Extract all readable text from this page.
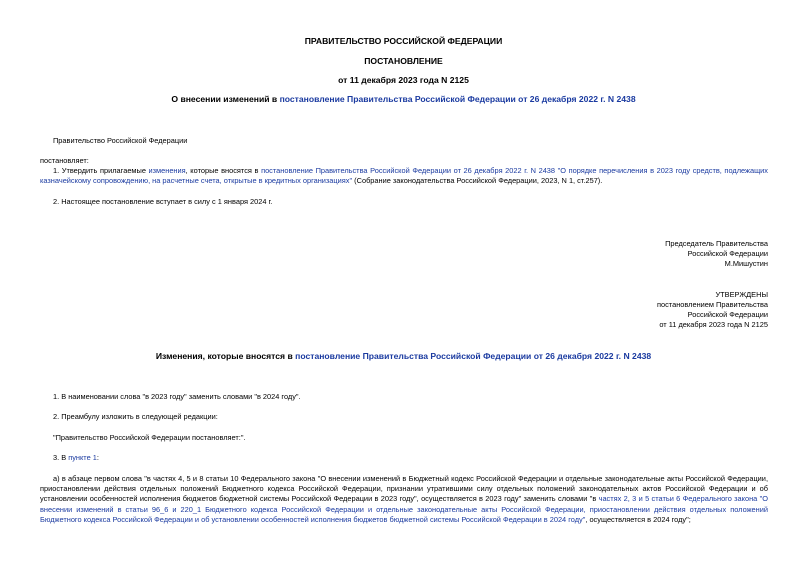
ПРАВИТЕЛЬСТВО РОССИЙСКОЙ ФЕДЕРАЦИИ

ПОСТАНОВЛЕНИЕ

от 11 декабря 2023 года N 2125

О внесении изменений в постановление Правительства Российской Федерации от 26 декабря 2022 г. N 2438

Правительство Российской Федерации

постановляет:

1. Утвердить прилагаемые изменения, которые вносятся в постановление Правительства Российской Федерации от 26 декабря 2022 г. N 2438 "О порядке перечисления в 2023 году средств, подлежащих казначейскому сопровождению, на расчетные счета, открытые в кредитных организациях" (Собрание законодательства Российской Федерации, 2023, N 1, ст.257).

2. Настоящее постановление вступает в силу с 1 января 2024 г.

Председатель Правительства

Российской Федерации

М.Мишустин

УТВЕРЖДЕНЫ

постановлением Правительства

Российской Федерации

от 11 декабря 2023 года N 2125

Изменения, которые вносятся в постановление Правительства Российской Федерации от 26 декабря 2022 г. N 2438

1. В наименовании слова "в 2023 году" заменить словами "в 2024 году".

2. Преамбулу изложить в следующей редакции:

"Правительство Российской Федерации постановляет:".

3. В пункте 1:

а) в абзаце первом слова "в частях 4, 5 и 8 статьи 10 Федерального закона "О внесении изменений в Бюджетный кодекс Российской Федерации и отдельные законодательные акты Российской Федерации, приостановлении действия отдельных положений Бюджетного кодекса Российской Федерации, признании утратившими силу отдельных положений законодательных актов Российской Федерации и об установлении особенностей исполнения бюджетов бюджетной системы Российской Федерации в 2023 году", осуществляется в 2023 году" заменить словами "в частях 2, 3 и 5 статьи 6 Федерального закона "О внесении изменений в статьи 96_6 и 220_1 Бюджетного кодекса Российской Федерации и отдельные законодательные акты Российской Федерации, приостановлении действия отдельных положений Бюджетного кодекса Российской Федерации и об установлении особенностей исполнения бюджетов бюджетной системы Российской Федерации в 2024 году", осуществляется в 2024 году";
